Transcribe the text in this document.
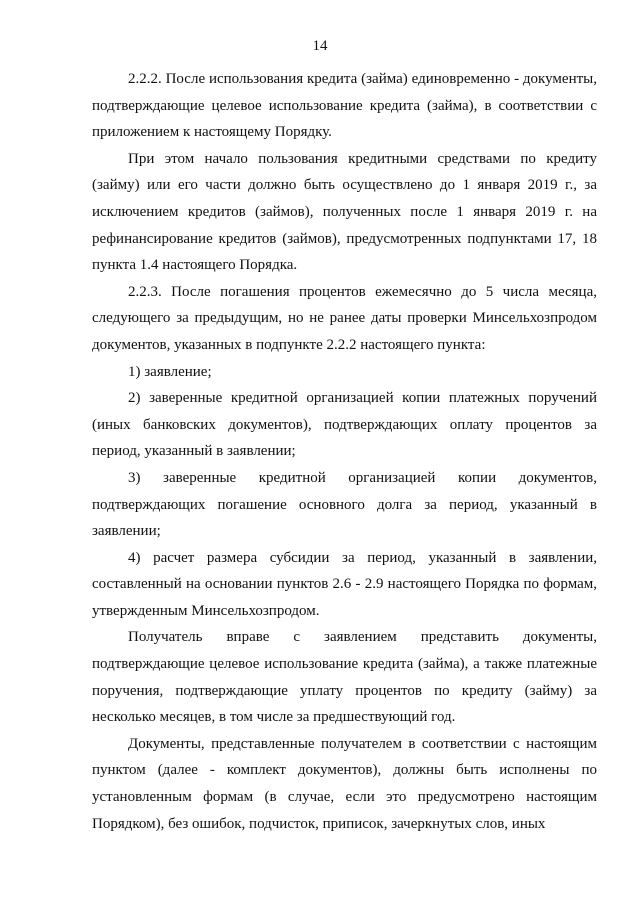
14

2.2.2. После использования кредита (займа) единовременно - документы, подтверждающие целевое использование кредита (займа), в соответствии с приложением к настоящему Порядку.

При этом начало пользования кредитными средствами по кредиту (займу) или его части должно быть осуществлено до 1 января 2019 г., за исключением кредитов (займов), полученных после 1 января 2019 г. на рефинансирование кредитов (займов), предусмотренных подпунктами 17, 18 пункта 1.4 настоящего Порядка.

2.2.3. После погашения процентов ежемесячно до 5 числа месяца, следующего за предыдущим, но не ранее даты проверки Минсельхозпродом документов, указанных в подпункте 2.2.2 настоящего пункта:

1) заявление;

2) заверенные кредитной организацией копии платежных поручений (иных банковских документов), подтверждающих оплату процентов за период, указанный в заявлении;

3) заверенные кредитной организацией копии документов, подтверждающих погашение основного долга за период, указанный в заявлении;

4) расчет размера субсидии за период, указанный в заявлении, составленный на основании пунктов 2.6 - 2.9 настоящего Порядка по формам, утвержденным Минсельхозпродом.

Получатель вправе с заявлением представить документы, подтверждающие целевое использование кредита (займа), а также платежные поручения, подтверждающие уплату процентов по кредиту (займу) за несколько месяцев, в том числе за предшествующий год.

Документы, представленные получателем в соответствии с настоящим пунктом (далее - комплект документов), должны быть исполнены по установленным формам (в случае, если это предусмотрено настоящим Порядком), без ошибок, подчисток, приписок, зачеркнутых слов, иных
